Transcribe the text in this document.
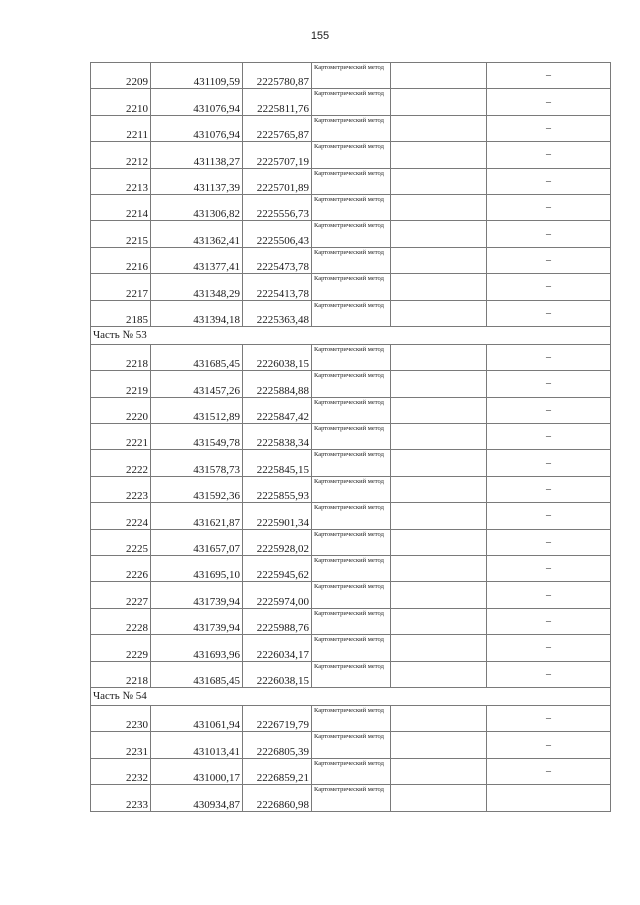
155
2209	431109,59	2225780,87	Картометрический метод		–
2210	431076,94	2225811,76	Картометрический метод		–
2211	431076,94	2225765,87	Картометрический метод		–
2212	431138,27	2225707,19	Картометрический метод		–
2213	431137,39	2225701,89	Картометрический метод		–
2214	431306,82	2225556,73	Картометрический метод		–
2215	431362,41	2225506,43	Картометрический метод		–
2216	431377,41	2225473,78	Картометрический метод		–
2217	431348,29	2225413,78	Картометрический метод		–
2185	431394,18	2225363,48	Картометрический метод		–
Часть № 53					
2218	431685,45	2226038,15	Картометрический метод		–
2219	431457,26	2225884,88	Картометрический метод		–
2220	431512,89	2225847,42	Картометрический метод		–
2221	431549,78	2225838,34	Картометрический метод		–
2222	431578,73	2225845,15	Картометрический метод		–
2223	431592,36	2225855,93	Картометрический метод		–
2224	431621,87	2225901,34	Картометрический метод		–
2225	431657,07	2225928,02	Картометрический метод		–
2226	431695,10	2225945,62	Картометрический метод		–
2227	431739,94	2225974,00	Картометрический метод		–
2228	431739,94	2225988,76	Картометрический метод		–
2229	431693,96	2226034,17	Картометрический метод		–
2218	431685,45	2226038,15	Картометрический метод		–
Часть № 54					
2230	431061,94	2226719,79	Картометрический метод		–
2231	431013,41	2226805,39	Картометрический метод		–
2232	431000,17	2226859,21	Картометрический метод		–
2233	430934,87	2226860,98	Картометрический метод		
